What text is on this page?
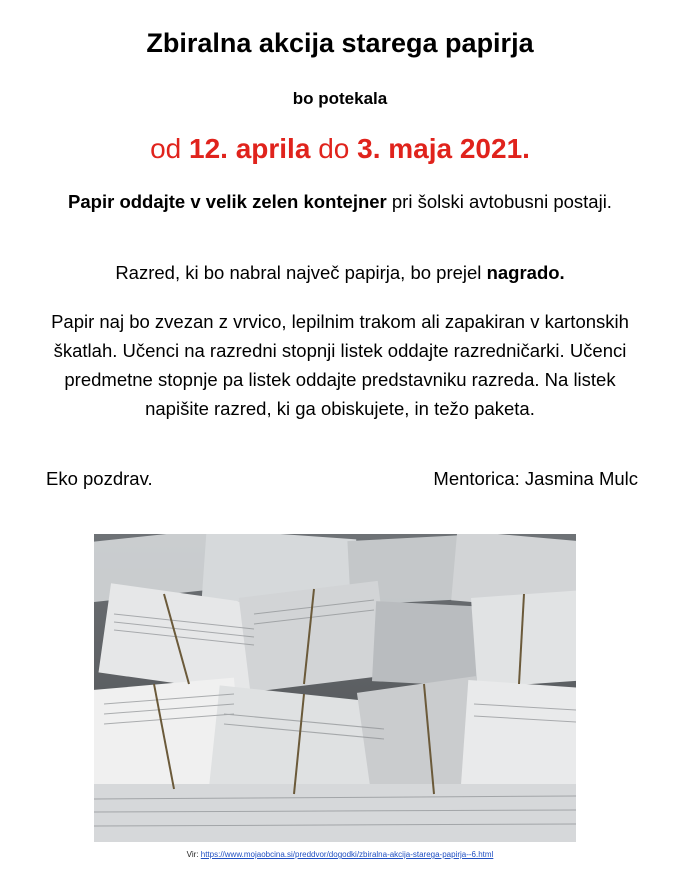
Zbiralna akcija starega papirja
bo potekala
od 12. aprila do 3. maja 2021.
Papir oddajte v velik zelen kontejner pri šolski avtobusni postaji.
Razred, ki bo nabral največ papirja, bo prejel nagrado.
Papir naj bo zvezan z vrvico, lepilnim trakom ali zapakiran v kartonskih škatlah. Učenci na razredni stopnji listek oddajte razredničarki. Učenci predmetne stopnje pa listek oddajte predstavniku razreda. Na listek napišite razred, ki ga obiskujete, in težo paketa.
Eko pozdrav.	Mentorica: Jasmina Mulc
Vir: https://www.mojaobcina.si/preddvor/dogodki/zbiralna-akcija-starega-papirja--6.html
